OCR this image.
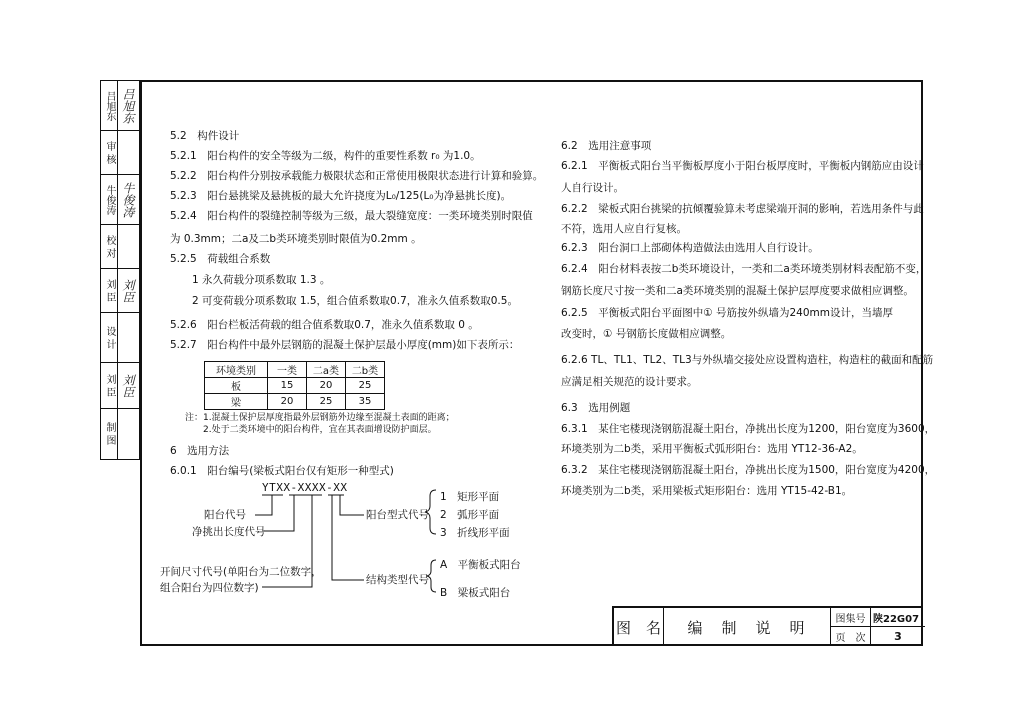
吕旭东 吕旭东
审 核
牛俊涛 牛俊涛
校 对
刘 臣 刘臣
设 计
刘 臣 刘臣
制 图
5.2　构件设计
5.2.1　阳台构件的安全等级为二级，构件的重要性系数 r₀ 为1.0。
5.2.2　阳台构件分别按承载能力极限状态和正常使用极限状态进行计算和验算。
5.2.3　阳台悬挑梁及悬挑板的最大允许挠度为L₀/125(L₀为净悬挑长度)。
5.2.4　阳台构件的裂缝控制等级为三级，最大裂缝宽度：一类环境类别时限值
为 0.3mm；二a及二b类环境类别时限值为0.2mm 。
5.2.5　荷载组合系数
1 永久荷载分项系数取 1.3 。
2 可变荷载分项系数取 1.5，组合值系数取0.7，准永久值系数取0.5。
5.2.6　阳台栏板活荷载的组合值系数取0.7，准永久值系数取 0 。
5.2.7　阳台构件中最外层钢筋的混凝土保护层最小厚度(mm)如下表所示：
环境类别	一类	二a类	二b类
板	15	20	25
梁	20	25	35
注：1.混凝土保护层厚度指最外层钢筋外边缘至混凝土表面的距离；
2.处于二类环境中的阳台构件，宜在其表面增设防护面层。
6　选用方法
6.0.1　阳台编号(梁板式阳台仅有矩形一种型式)
YTXX-XXXX-XX
阳台代号
净挑出长度代号
开间尺寸代号(单阳台为二位数字，
组合阳台为四位数字)
阳台型式代号
1　矩形平面
2　弧形平面
3　折线形平面
结构类型代号
A　平衡板式阳台
B　梁板式阳台
6.2　选用注意事项
6.2.1　平衡板式阳台当平衡板厚度小于阳台板厚度时，平衡板内钢筋应由设计
人自行设计。
6.2.2　梁板式阳台挑梁的抗倾覆验算未考虑梁端开洞的影响，若选用条件与此
不符，选用人应自行复核。
6.2.3　阳台洞口上部砌体构造做法由选用人自行设计。
6.2.4　阳台材料表按二b类环境设计，一类和二a类环境类别材料表配筋不变，
钢筋长度尺寸按一类和二a类环境类别的混凝土保护层厚度要求做相应调整。
6.2.5　平衡板式阳台平面图中① 号筋按外纵墙为240mm设计，当墙厚
改变时，① 号钢筋长度做相应调整。
6.2.6 TL、TL1、TL2、TL3与外纵墙交接处应设置构造柱，构造柱的截面和配筋
应满足相关规范的设计要求。
6.3　选用例题
6.3.1　某住宅楼现浇钢筋混凝土阳台，净挑出长度为1200，阳台宽度为3600，
环境类别为二b类，采用平衡板式弧形阳台：选用 YT12-36-A2。
6.3.2　某住宅楼现浇钢筋混凝土阳台，净挑出长度为1500，阳台宽度为4200，
环境类别为二b类，采用梁板式矩形阳台：选用 YT15-42-B1。
图　名	编　制　说　明	图集号 陕22G07
页　次	3
